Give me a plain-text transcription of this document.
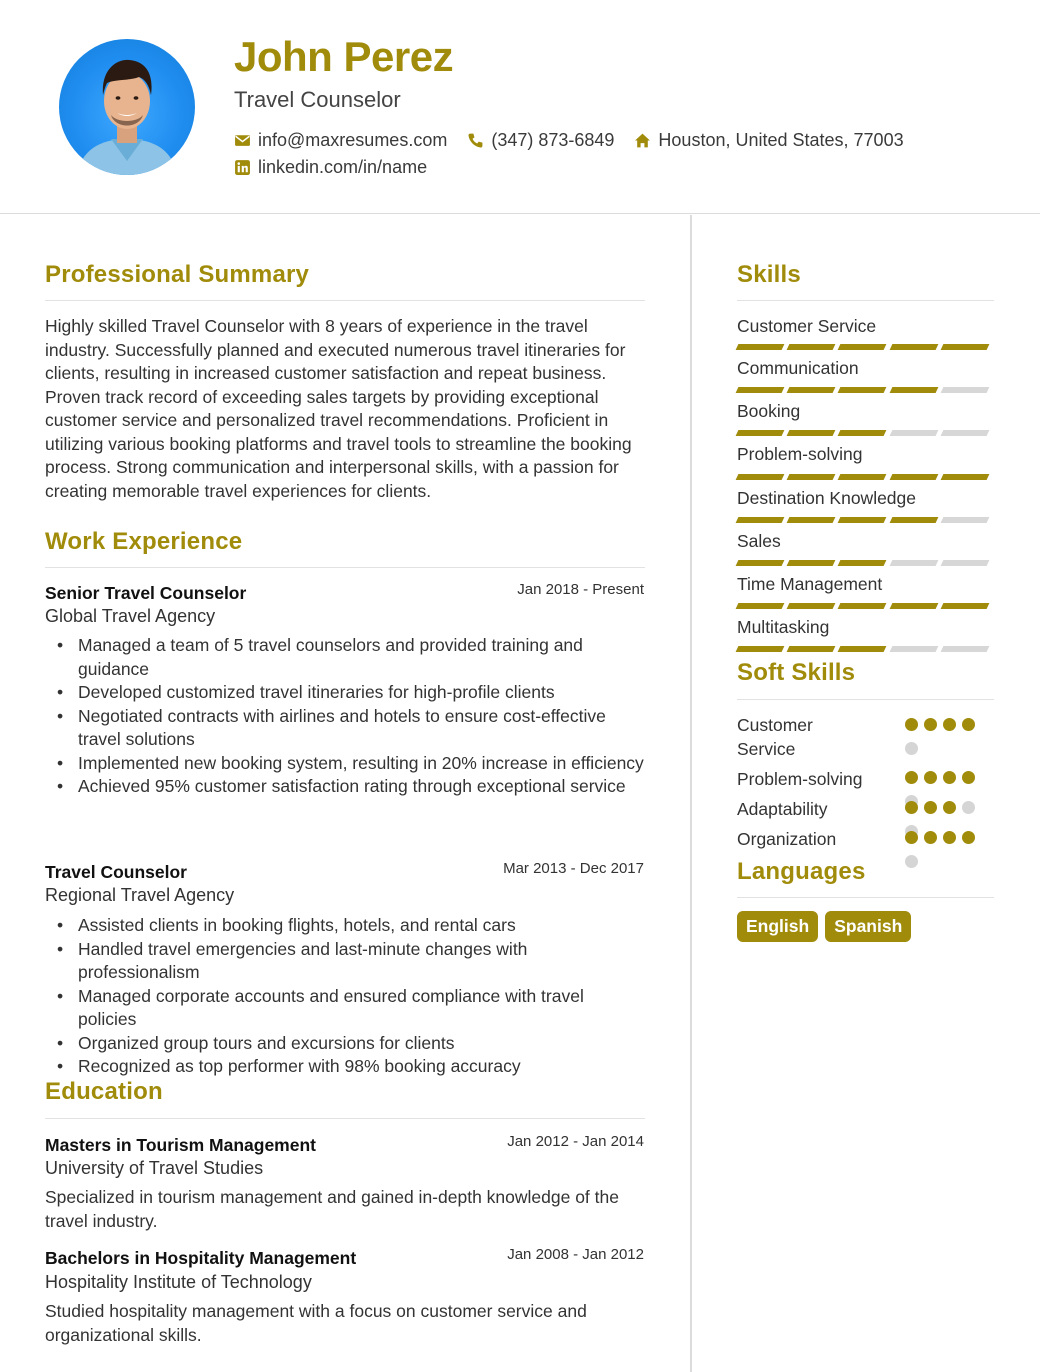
John Perez
Travel Counselor
info@maxresumes.com (347) 873-6849 Houston, United States, 77003
linkedin.com/in/name
Professional Summary
Highly skilled Travel Counselor with 8 years of experience in the travel industry. Successfully planned and executed numerous travel itineraries for clients, resulting in increased customer satisfaction and repeat business. Proven track record of exceeding sales targets by providing exceptional customer service and personalized travel recommendations. Proficient in utilizing various booking platforms and travel tools to streamline the booking process. Strong communication and interpersonal skills, with a passion for creating memorable travel experiences for clients.
Work Experience
Senior Travel Counselor	Jan 2018 - Present
Global Travel Agency
• Managed a team of 5 travel counselors and provided training and guidance
• Developed customized travel itineraries for high-profile clients
• Negotiated contracts with airlines and hotels to ensure cost-effective travel solutions
• Implemented new booking system, resulting in 20% increase in efficiency
• Achieved 95% customer satisfaction rating through exceptional service
Travel Counselor	Mar 2013 - Dec 2017
Regional Travel Agency
• Assisted clients in booking flights, hotels, and rental cars
• Handled travel emergencies and last-minute changes with professionalism
• Managed corporate accounts and ensured compliance with travel policies
• Organized group tours and excursions for clients
• Recognized as top performer with 98% booking accuracy
Education
Masters in Tourism Management	Jan 2012 - Jan 2014
University of Travel Studies
Specialized in tourism management and gained in-depth knowledge of the travel industry.
Bachelors in Hospitality Management	Jan 2008 - Jan 2012
Hospitality Institute of Technology
Studied hospitality management with a focus on customer service and organizational skills.
Skills
Customer Service
Communication
Booking
Problem-solving
Destination Knowledge
Sales
Time Management
Multitasking
Soft Skills
Customer Service
Problem-solving
Adaptability
Organization
Languages
English	Spanish
